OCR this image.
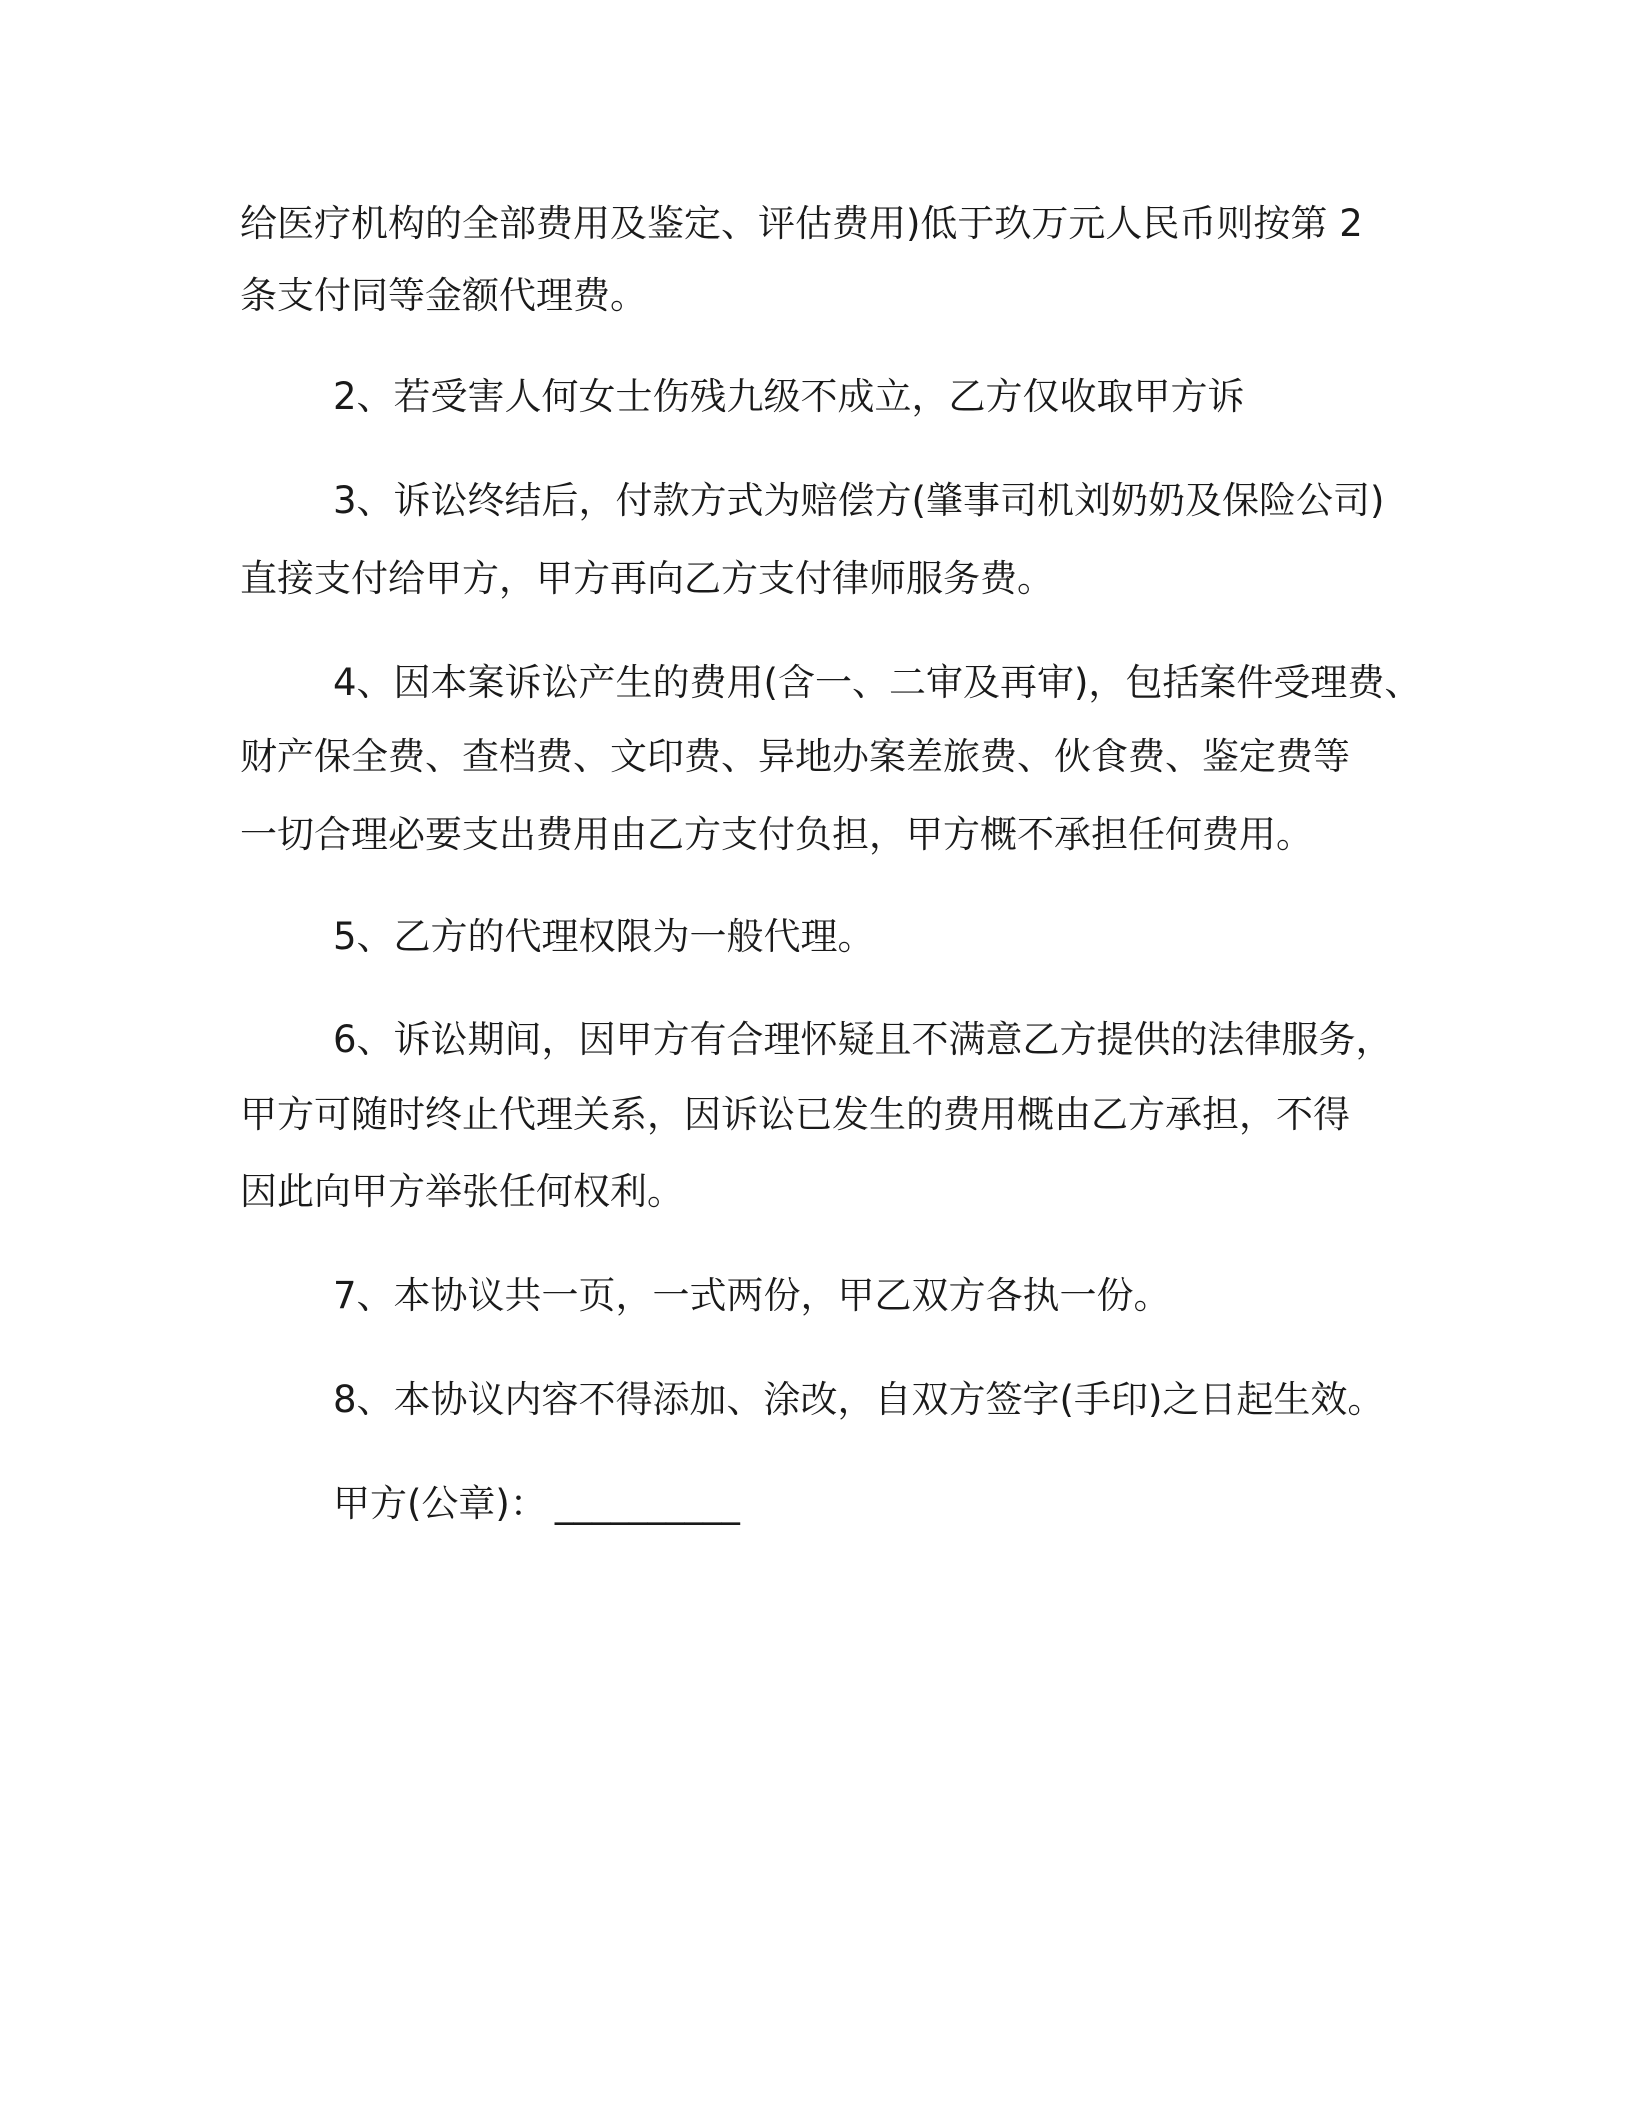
给医疗机构的全部费用及鉴定、评估费用)低于玖万元人民币则按第 2
条支付同等金额代理费。
2、若受害人何女士伤残九级不成立，乙方仅收取甲方诉
3、诉讼终结后，付款方式为赔偿方(肇事司机刘奶奶及保险公司)
直接支付给甲方，甲方再向乙方支付律师服务费。
4、因本案诉讼产生的费用(含一、二审及再审)，包括案件受理费、
财产保全费、查档费、文印费、异地办案差旅费、伙食费、鉴定费等
一切合理必要支出费用由乙方支付负担，甲方概不承担任何费用。
5、乙方的代理权限为一般代理。
6、诉讼期间，因甲方有合理怀疑且不满意乙方提供的法律服务，
甲方可随时终止代理关系，因诉讼已发生的费用概由乙方承担，不得
因此向甲方举张任何权利。
7、本协议共一页，一式两份，甲乙双方各执一份。
8、本协议内容不得添加、涂改，自双方签字(手印)之日起生效。
甲方(公章)： __________
